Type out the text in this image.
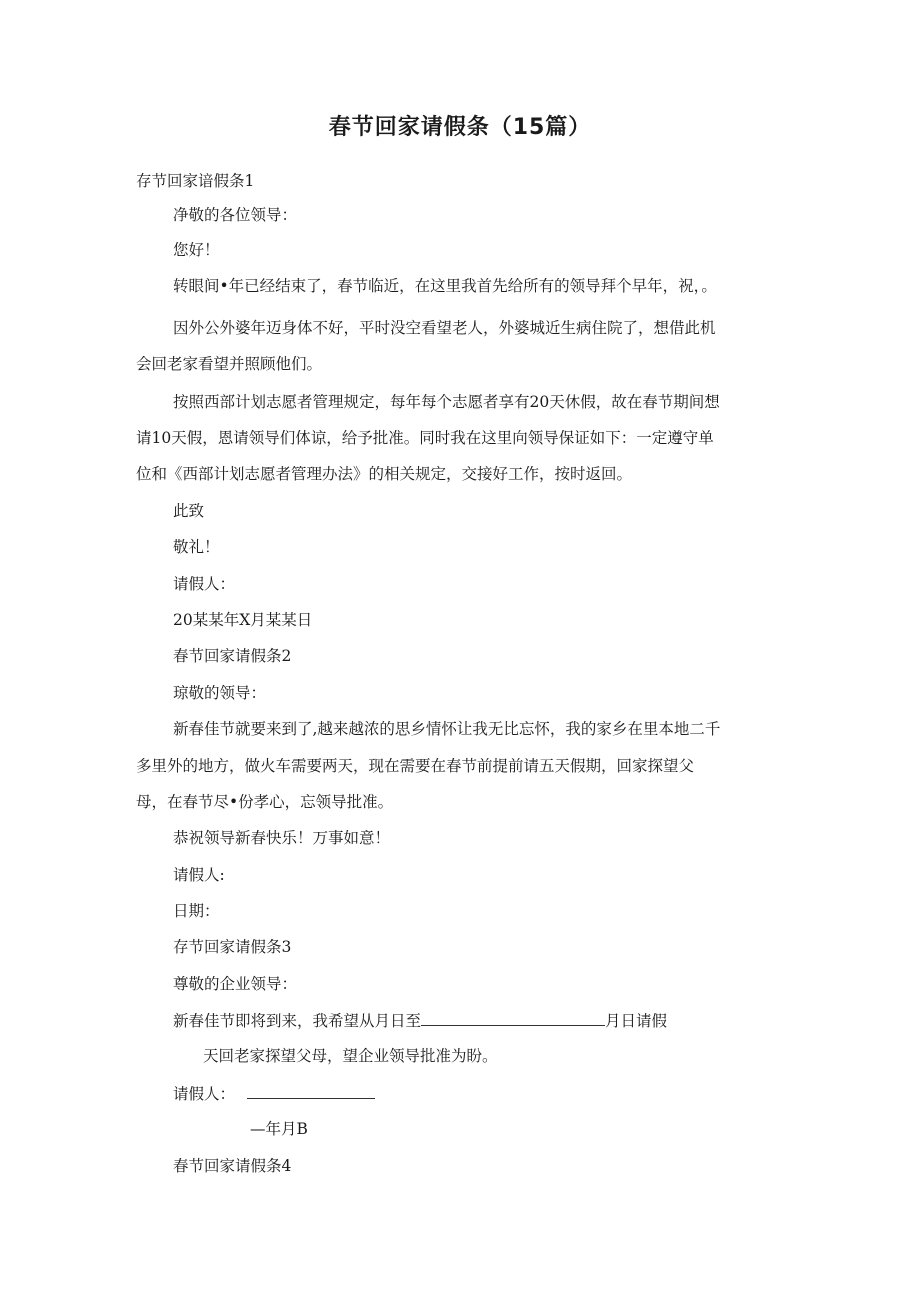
春节回家请假条（15篇）
存节回家谙假条1
净敬的各位领导：
您好！
转眼间•年已经结束了，春节临近，在这里我首先给所有的领导拜个早年，祝，。
因外公外婆年迈身体不好，平时没空看望老人，外婆城近生病住院了，想借此机
会回老家看望并照顾他们。
按照西部计划志愿者管理规定，每年每个志愿者享有20天休假，故在春节期间想
请10天假，恩请领导们体谅，给予批准。同时我在这里向领导保证如下：一定遵守单
位和《西部计划志愿者管理办法》的相关规定，交接好工作，按时返回。
此致
敬礼！
请假人：
20某某年X月某某日
春节回家请假条2
琼敬的领导：
新春佳节就要来到了,越来越浓的思乡情怀让我无比忘怀，我的家乡在里本地二千
多里外的地方，做火车需要两天，现在需要在春节前提前请五天假期，回家探望父
母，在春节尽•份孝心，忘领导批准。
恭祝领导新春快乐！万事如意！
请假人:
日期：
存节回家请假条3
尊敬的企业领导：
新春佳节即将到来，我希望从月日至	月日请假
天回老家探望父母，望企业领导批准为盼。
请假人：
—年月B
春节回家请假条4
